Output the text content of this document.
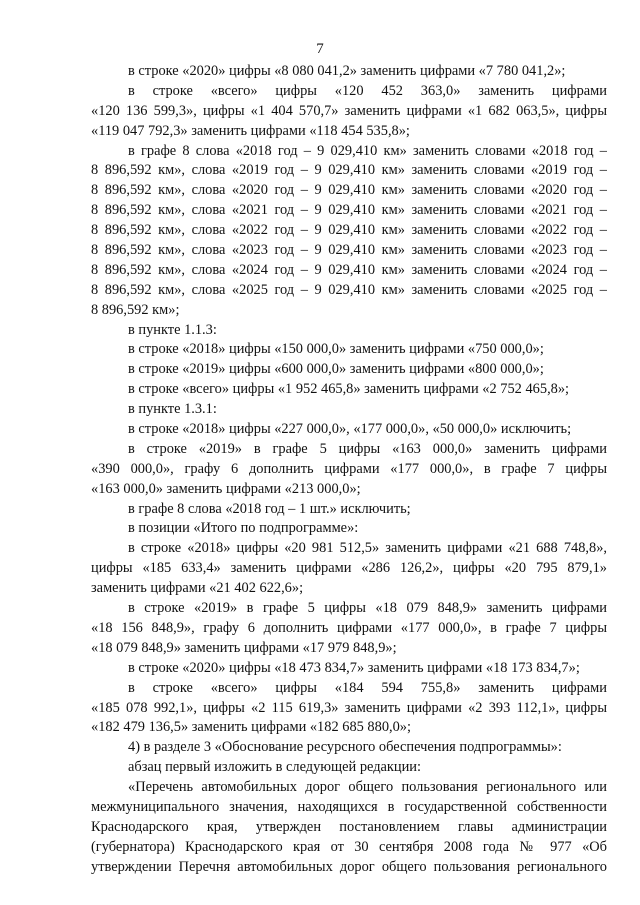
7
в строке «2020» цифры «8 080 041,2» заменить цифрами «7 780 041,2»;
в строке «всего» цифры «120 452 363,0» заменить цифрами
«120 136 599,3», цифры «1 404 570,7» заменить цифрами «1 682 063,5», цифры
«119 047 792,3» заменить цифрами «118 454 535,8»;
в графе 8 слова «2018 год – 9 029,410 км» заменить словами «2018 год –
8 896,592 км», слова «2019 год – 9 029,410 км» заменить словами «2019 год –
8 896,592 км», слова «2020 год – 9 029,410 км» заменить словами «2020 год –
8 896,592 км», слова «2021 год – 9 029,410 км» заменить словами «2021 год –
8 896,592 км», слова «2022 год – 9 029,410 км» заменить словами «2022 год –
8 896,592 км», слова «2023 год – 9 029,410 км» заменить словами «2023 год –
8 896,592 км», слова «2024 год – 9 029,410 км» заменить словами «2024 год –
8 896,592 км», слова «2025 год – 9 029,410 км» заменить словами «2025 год –
8 896,592 км»;
в пункте 1.1.3:
в строке «2018» цифры «150 000,0» заменить цифрами «750 000,0»;
в строке «2019» цифры «600 000,0» заменить цифрами «800 000,0»;
в строке «всего» цифры «1 952 465,8» заменить цифрами «2 752 465,8»;
в пункте 1.3.1:
в строке «2018» цифры «227 000,0», «177 000,0», «50 000,0» исключить;
в строке «2019» в графе 5 цифры «163 000,0» заменить цифрами
«390 000,0», графу 6 дополнить цифрами «177 000,0», в графе 7 цифры
«163 000,0» заменить цифрами «213 000,0»;
в графе 8 слова «2018 год – 1 шт.» исключить;
в позиции «Итого по подпрограмме»:
в строке «2018» цифры «20 981 512,5» заменить цифрами «21 688 748,8»,
цифры «185 633,4» заменить цифрами «286 126,2», цифры «20 795 879,1»
заменить цифрами «21 402 622,6»;
в строке «2019» в графе 5 цифры «18 079 848,9» заменить цифрами
«18 156 848,9», графу 6 дополнить цифрами «177 000,0», в графе 7 цифры
«18 079 848,9» заменить цифрами «17 979 848,9»;
в строке «2020» цифры «18 473 834,7» заменить цифрами «18 173 834,7»;
в строке «всего» цифры «184 594 755,8» заменить цифрами
«185 078 992,1», цифры «2 115 619,3» заменить цифрами «2 393 112,1», цифры
«182 479 136,5» заменить цифрами «182 685 880,0»;
4) в разделе 3 «Обоснование ресурсного обеспечения подпрограммы»:
абзац первый изложить в следующей редакции:
«Перечень автомобильных дорог общего пользования регионального или
межмуниципального значения, находящихся в государственной собственности
Краснодарского края, утвержден постановлением главы администрации
(губернатора) Краснодарского края от 30 сентября 2008 года № 977 «Об
утверждении Перечня автомобильных дорог общего пользования регионального
